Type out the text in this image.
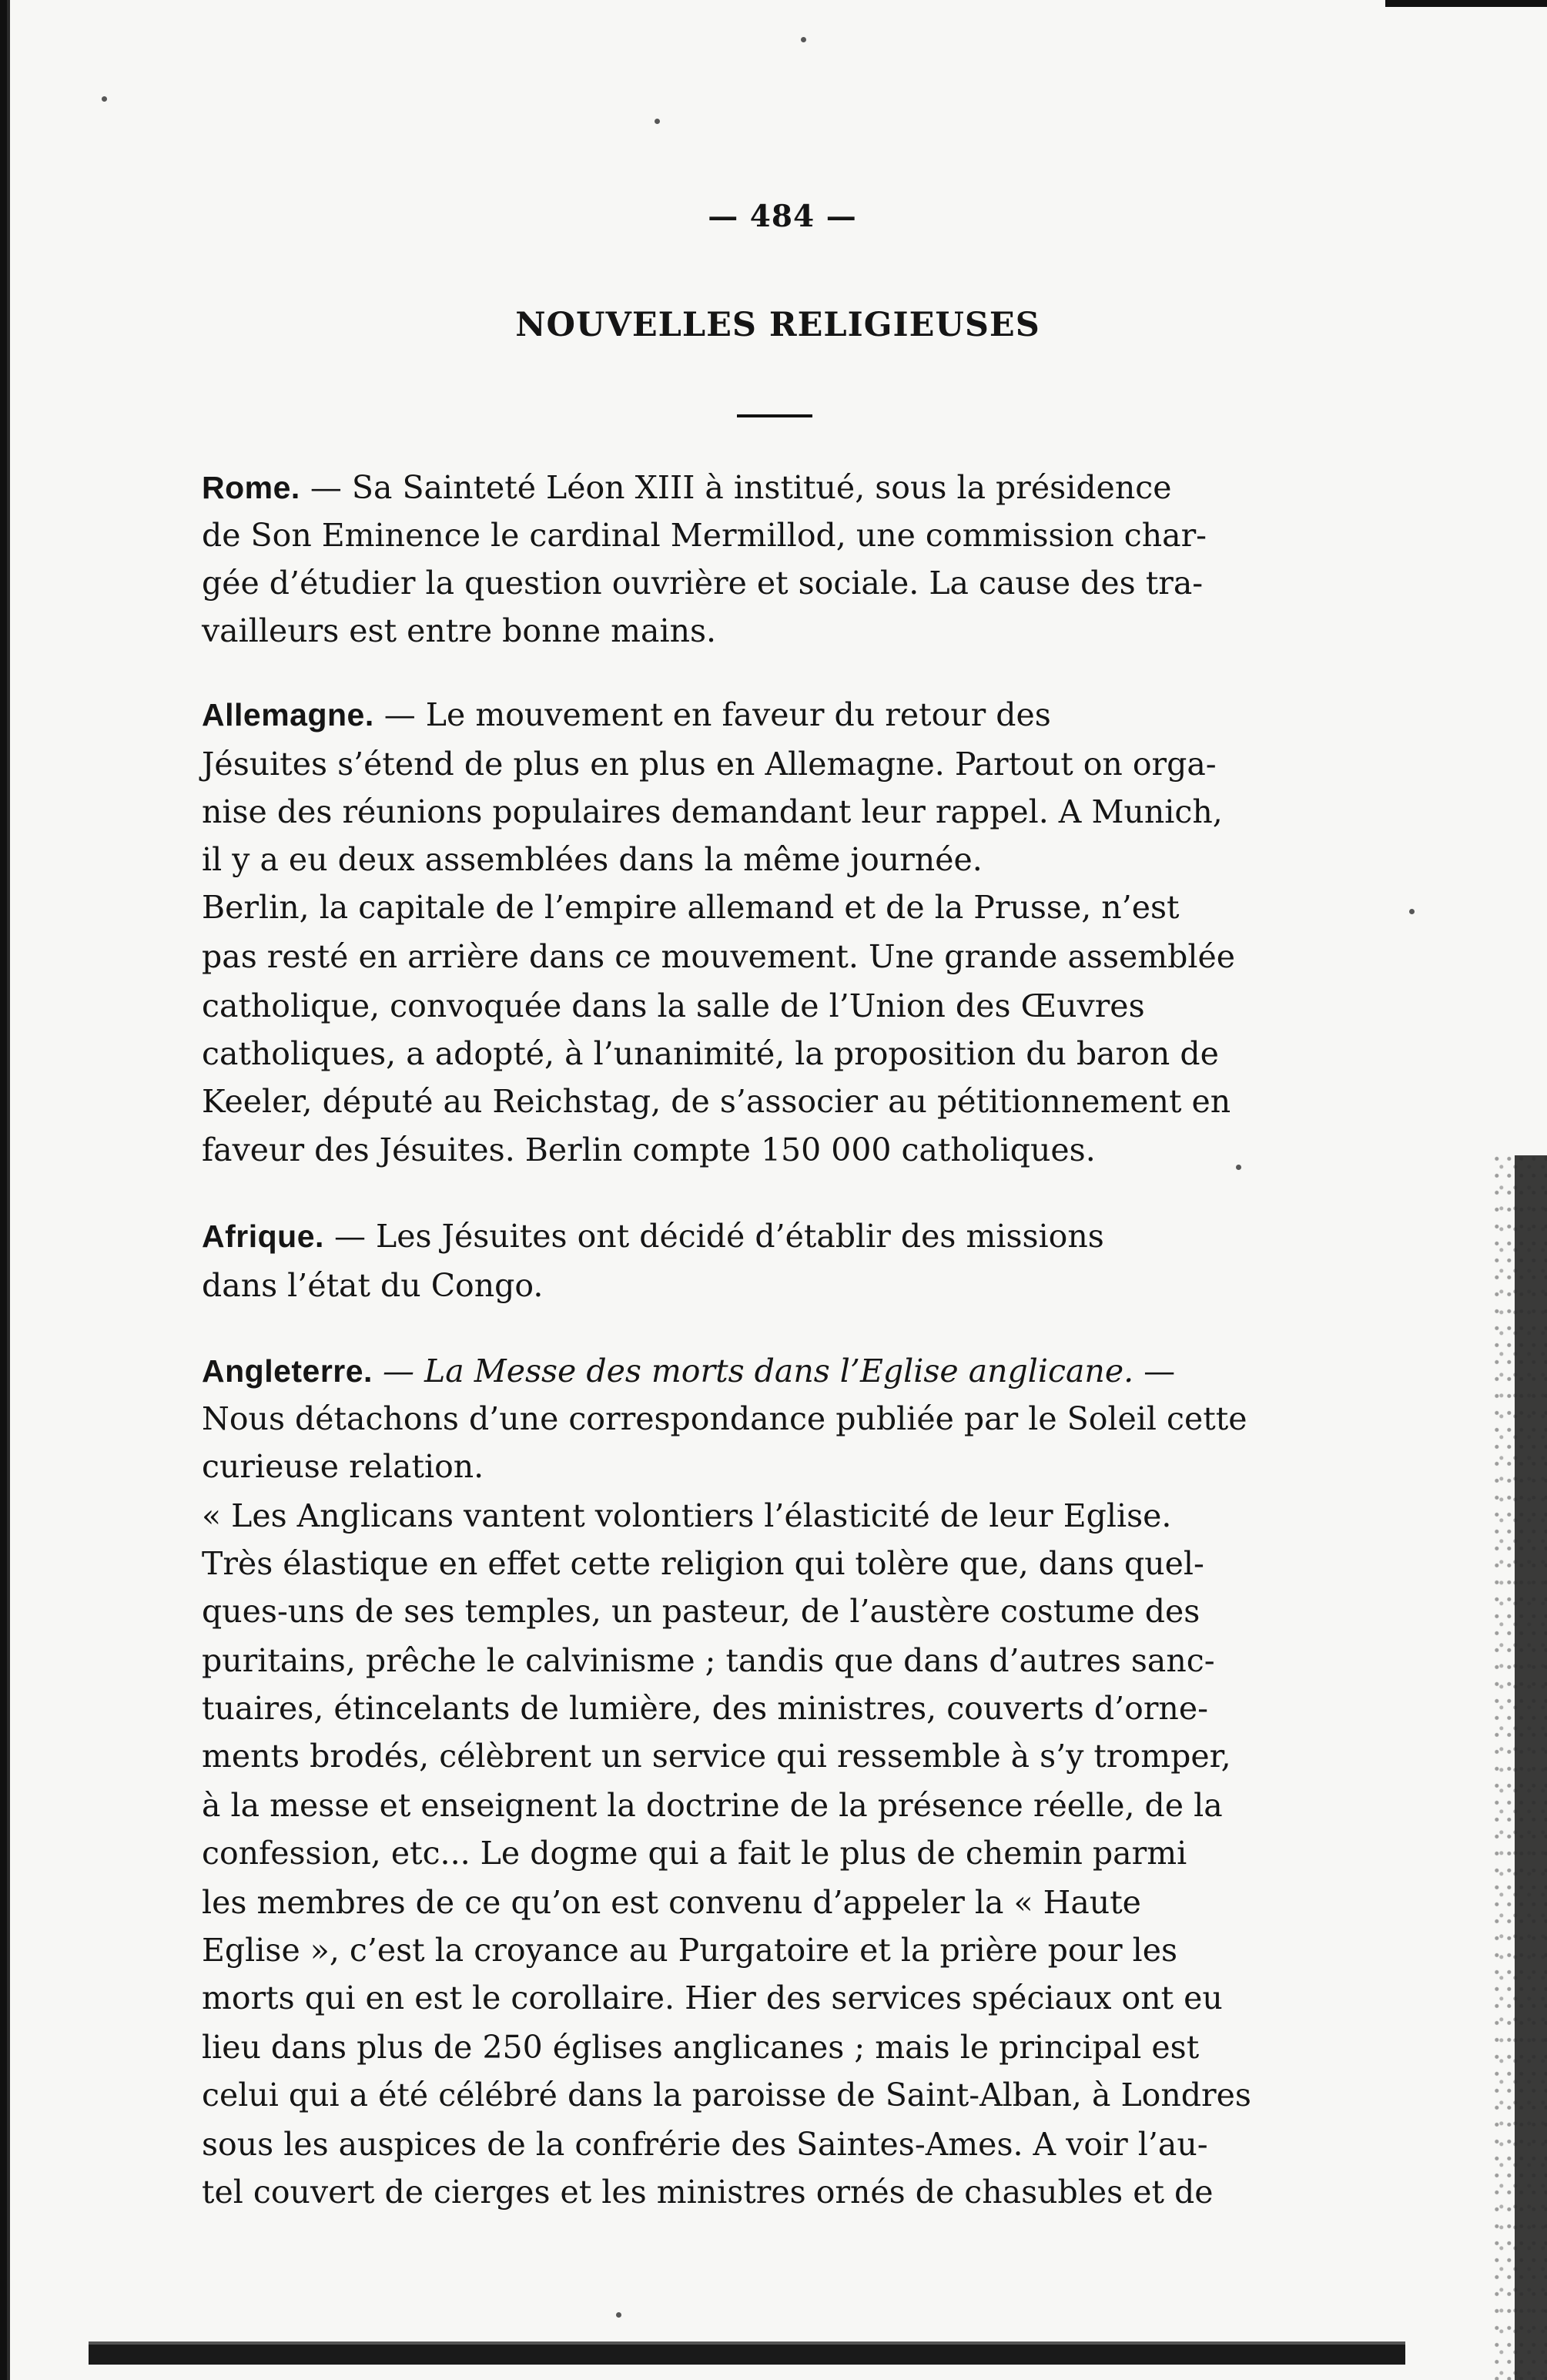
— 484 —
NOUVELLES RELIGIEUSES
Rome. — Sa Sainteté Léon XIII à institué, sous la présidence
de Son Eminence le cardinal Mermillod, une commission char-
gée d’étudier la question ouvrière et sociale. La cause des tra-
vailleurs est entre bonne mains.
Allemagne. — Le mouvement en faveur du retour des
Jésuites s’étend de plus en plus en Allemagne. Partout on orga-
nise des réunions populaires demandant leur rappel. A Munich,
il y a eu deux assemblées dans la même journée.
Berlin, la capitale de l’empire allemand et de la Prusse, n’est
pas resté en arrière dans ce mouvement. Une grande assemblée
catholique, convoquée dans la salle de l’Union des Œuvres
catholiques, a adopté, à l’unanimité, la proposition du baron de
Keeler, député au Reichstag, de s’associer au pétitionnement en
faveur des Jésuites. Berlin compte 150 000 catholiques.
Afrique. — Les Jésuites ont décidé d’établir des missions
dans l’état du Congo.
Angleterre. — La Messe des morts dans l’Eglise anglicane. —
Nous détachons d’une correspondance publiée par le Soleil cette
curieuse relation.
« Les Anglicans vantent volontiers l’élasticité de leur Eglise.
Très élastique en effet cette religion qui tolère que, dans quel-
ques-uns de ses temples, un pasteur, de l’austère costume des
puritains, prêche le calvinisme ; tandis que dans d’autres sanc-
tuaires, étincelants de lumière, des ministres, couverts d’orne-
ments brodés, célèbrent un service qui ressemble à s’y tromper,
à la messe et enseignent la doctrine de la présence réelle, de la
confession, etc... Le dogme qui a fait le plus de chemin parmi
les membres de ce qu’on est convenu d’appeler la « Haute
Eglise », c’est la croyance au Purgatoire et la prière pour les
morts qui en est le corollaire. Hier des services spéciaux ont eu
lieu dans plus de 250 églises anglicanes ; mais le principal est
celui qui a été célébré dans la paroisse de Saint-Alban, à Londres
sous les auspices de la confrérie des Saintes-Ames. A voir l’au-
tel couvert de cierges et les ministres ornés de chasubles et de
